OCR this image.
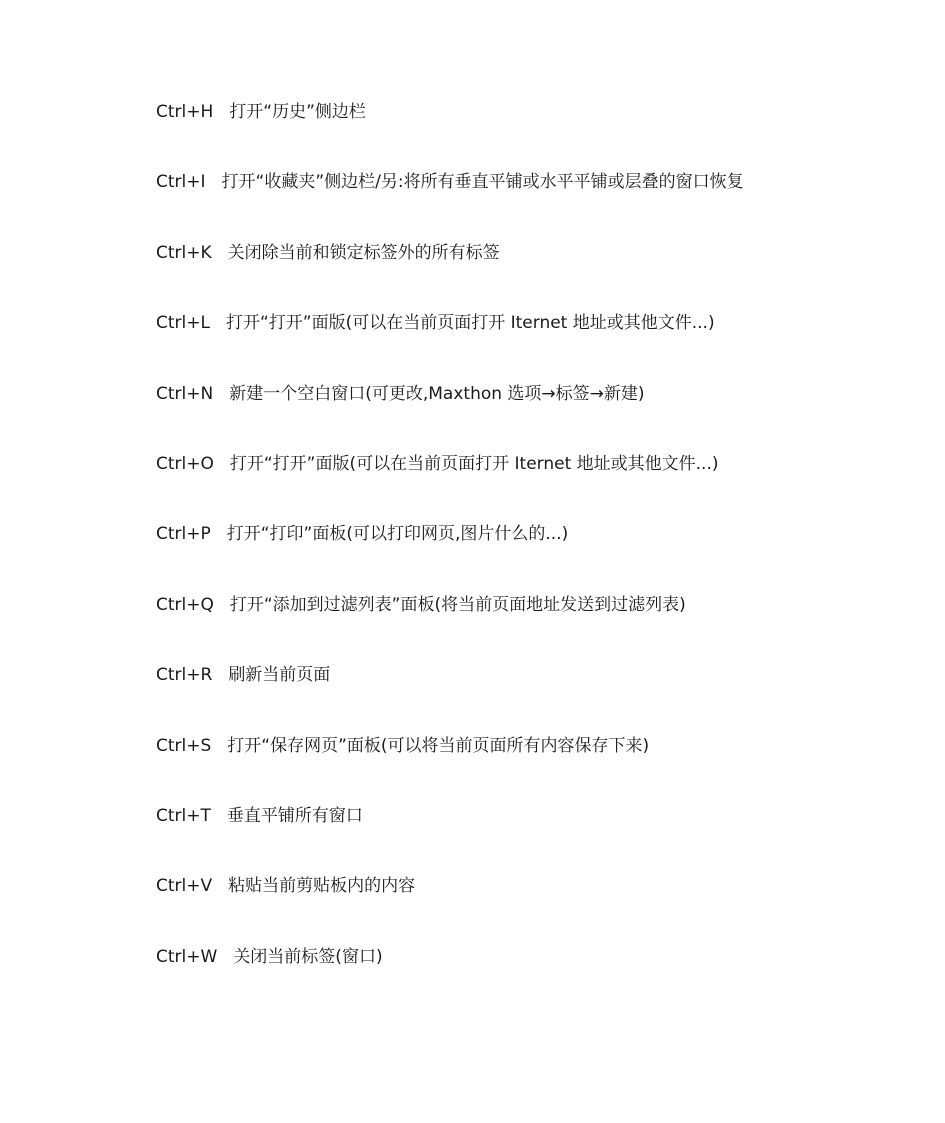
Ctrl+H 打开“历史”侧边栏
Ctrl+I 打开“收藏夹”侧边栏/另:将所有垂直平铺或水平平铺或层叠的窗口恢复
Ctrl+K 关闭除当前和锁定标签外的所有标签
Ctrl+L 打开“打开”面版(可以在当前页面打开 Iternet 地址或其他文件...)
Ctrl+N 新建一个空白窗口(可更改,Maxthon 选项→标签→新建)
Ctrl+O 打开“打开”面版(可以在当前页面打开 Iternet 地址或其他文件...)
Ctrl+P 打开“打印”面板(可以打印网页,图片什么的...)
Ctrl+Q 打开“添加到过滤列表”面板(将当前页面地址发送到过滤列表)
Ctrl+R 刷新当前页面
Ctrl+S 打开“保存网页”面板(可以将当前页面所有内容保存下来)
Ctrl+T 垂直平铺所有窗口
Ctrl+V 粘贴当前剪贴板内的内容
Ctrl+W 关闭当前标签(窗口)
